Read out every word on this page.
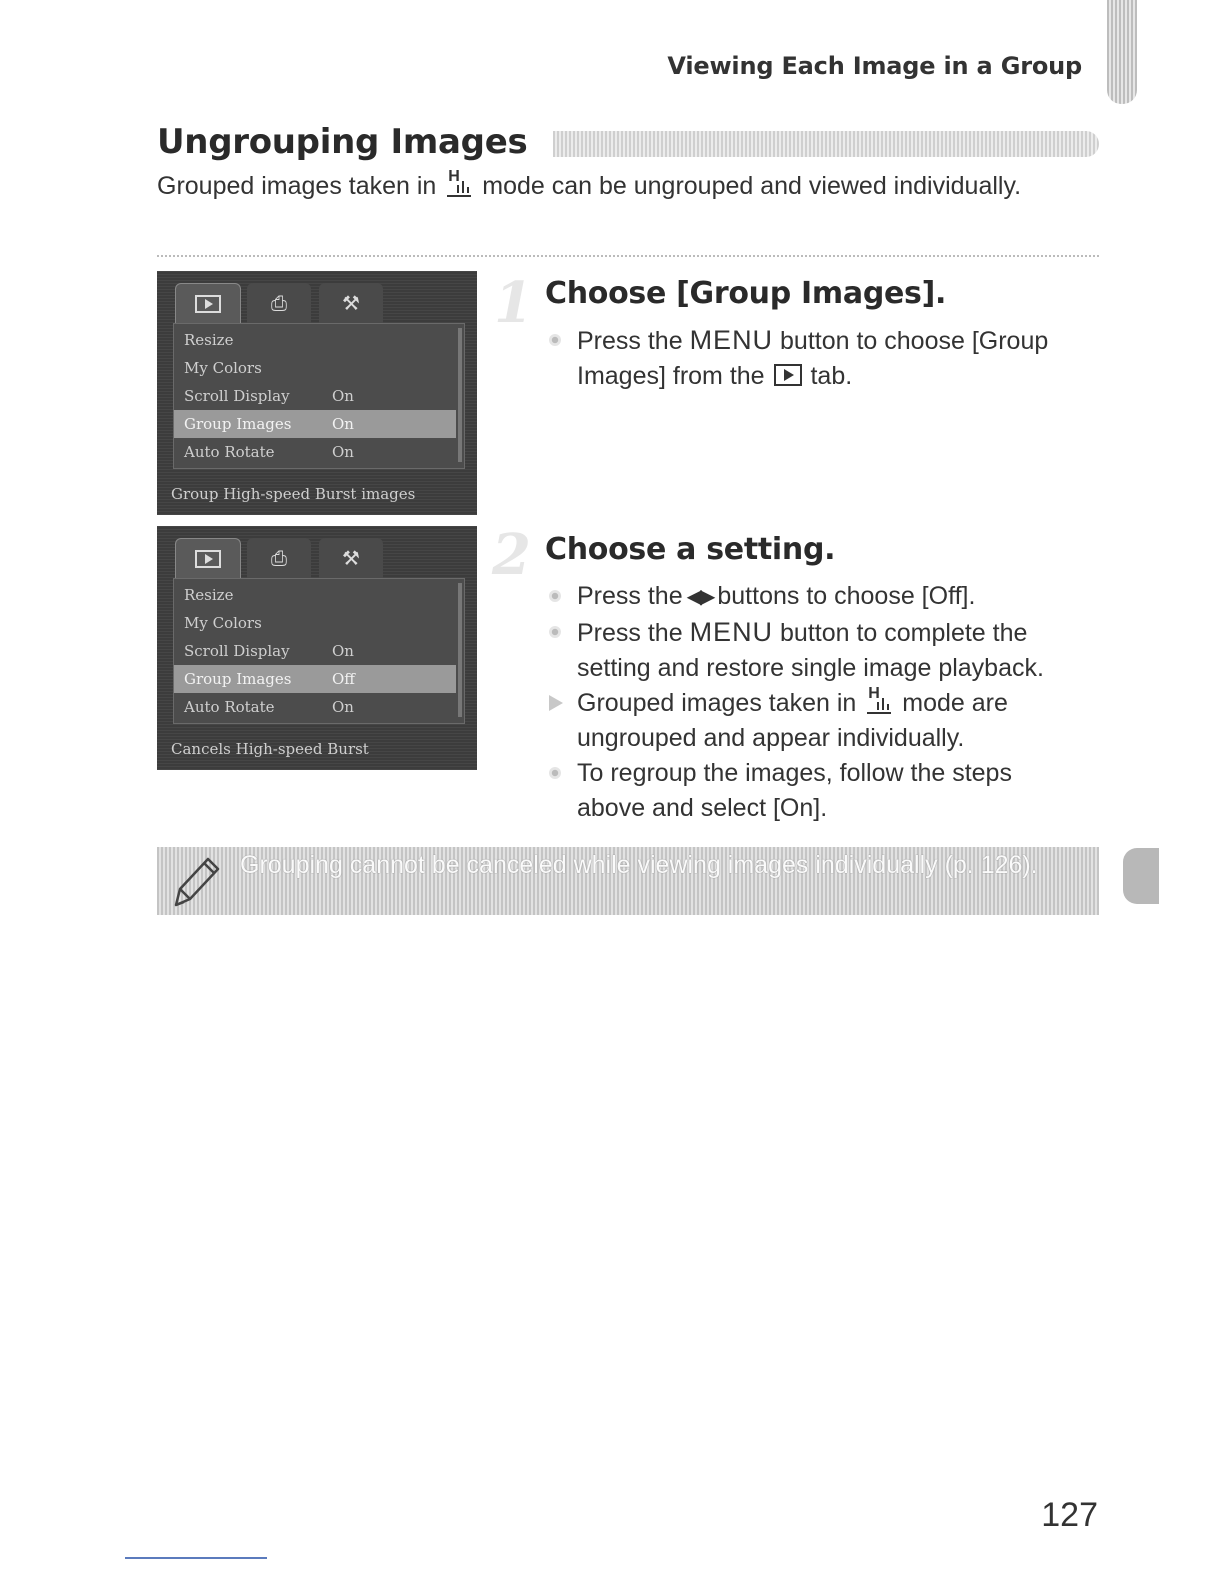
Viewing Each Image in a Group
Ungrouping Images
Grouped images taken in H mode can be ungrouped and viewed individually.
⎙	⚒
Resize
My Colors
Scroll Display	On
Group Images	On
Auto Rotate	On
Group High-speed Burst images
⎙	⚒
Resize
My Colors
Scroll Display	On
Group Images	Off
Auto Rotate	On
Cancels High-speed Burst
1 Choose [Group Images].

Press the MENU button to choose [Group Images] from the tab.

2 Choose a setting.

Press the ◀▶ buttons to choose [Off].

Press the MENU button to complete the setting and restore single image playback.

Grouped images taken in H mode are ungrouped and appear individually.

To regroup the images, follow the steps above and select [On].

Grouping cannot be canceled while viewing images individually (p. 126).
127
